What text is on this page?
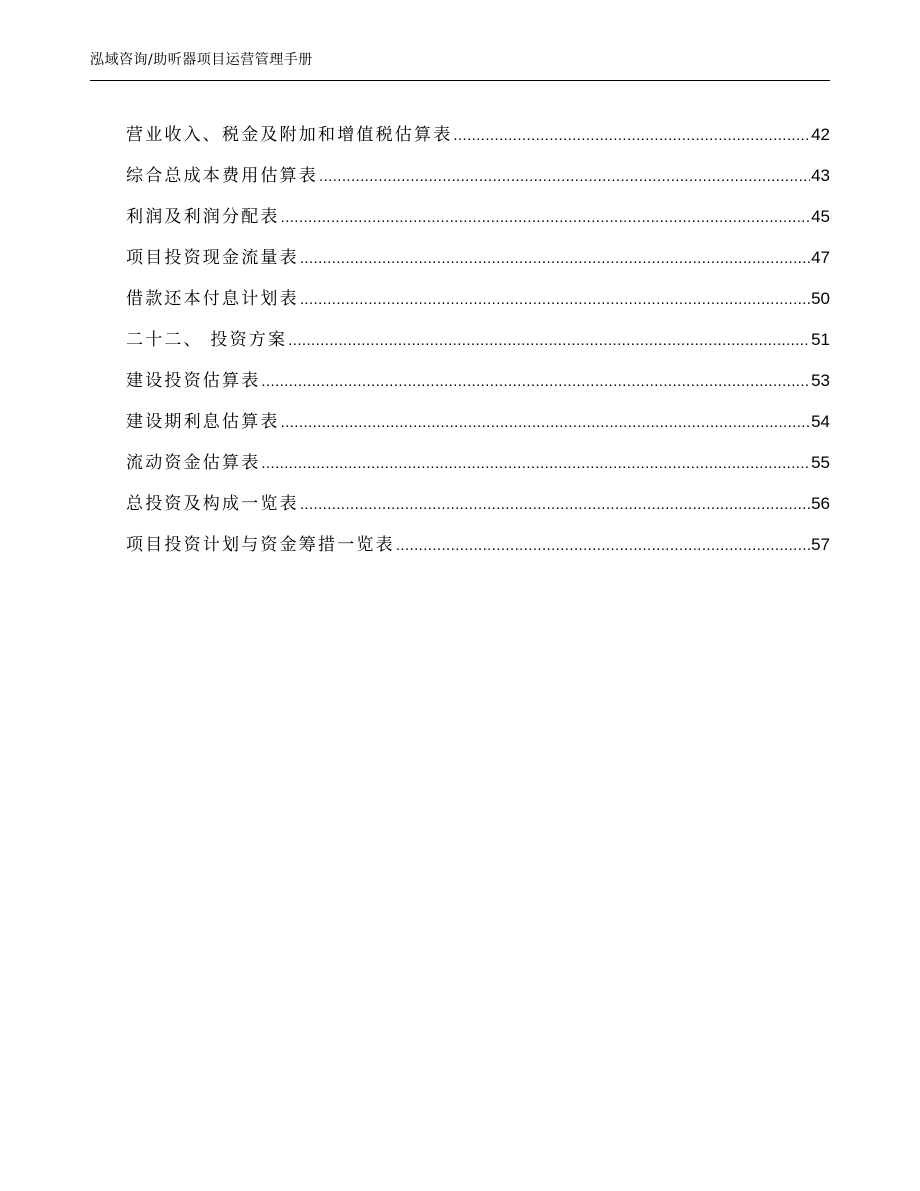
泓域咨询/助听器项目运营管理手册
营业收入、税金及附加和增值税估算表 .....	42
综合总成本费用估算表 .....	43
利润及利润分配表 .....	45
项目投资现金流量表 .....	47
借款还本付息计划表 .....	50
二十二、 投资方案 .....	51
建设投资估算表 .....	53
建设期利息估算表 .....	54
流动资金估算表 .....	55
总投资及构成一览表 .....	56
项目投资计划与资金筹措一览表 .....	57
